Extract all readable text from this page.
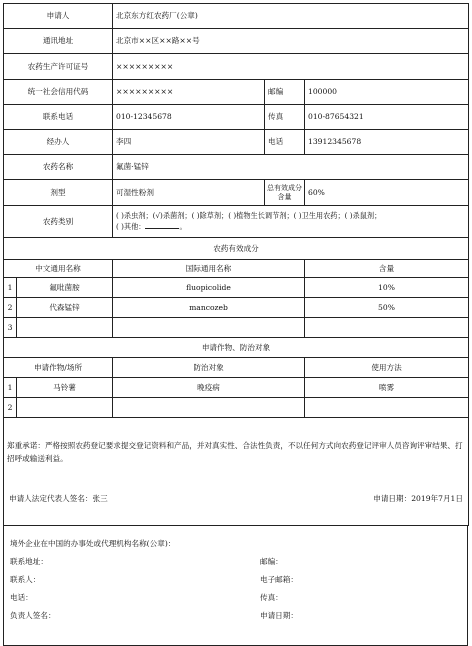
申请人		北京东方红农药厂(公章)		
通讯地址		北京市××区××路××号		
农药生产许可证号		×××××××××		
统一社会信用代码		×××××××××	邮编	100000
联系电话		010-12345678	传真	010-87654321
经办人		李四	电话	13912345678
农药名称		氟菌·锰锌		
剂型		可湿性粉剂	总有效成分含量	60%
农药类别		( )杀虫剂；(√)杀菌剂；( )除草剂；( )植物生长调节剂；( )卫生用农药；( )杀鼠剂；
( )其他： 。		
农药有效成分				
中文通用名称		国际通用名称		含量
1	氟吡菌胺	fluopicolide		10%
2	代森锰锌	mancozeb		50%
3				
申请作物、防治对象				
申请作物/场所		防治对象		使用方法
1	马铃薯	晚疫病		喷雾
2				

郑重承诺：严格按照农药登记要求提交登记资料和产品，并对真实性、合法性负责，不以任何方式向农药登记评审人员咨询评审结果、打招呼或输送利益。
申请人法定代表人签名：张三 申请日期：2019年7月1日				
境外企业在中国的办事处或代理机构名称(公章)：
联系地址：	邮编：
联系人：	电子邮箱：
电话：	传真：
负责人签名：	申请日期：
